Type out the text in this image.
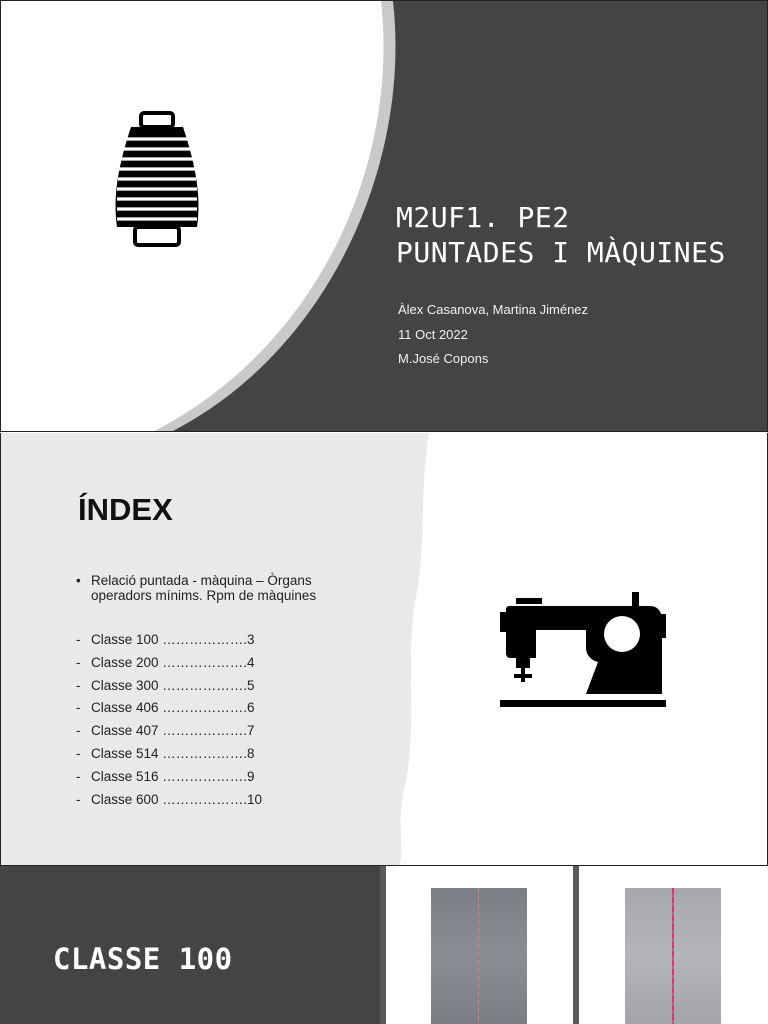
CLASSE 100
M2UF1. PE2
PUNTADES I MÀQUINES
Àlex Casanova, Martina Jiménez
11 Oct 2022
M.José Copons
ÍNDEX
• Relació puntada - màquina – Òrgans operadors mínims. Rpm de màquines
- Classe 100 ……………….3
- Classe 200 ……………….4
- Classe 300 ……………….5
- Classe 406 ……………….6
- Classe 407 ……………….7
- Classe 514 ……………….8
- Classe 516 ……………….9
- Classe 600 ……………….10
